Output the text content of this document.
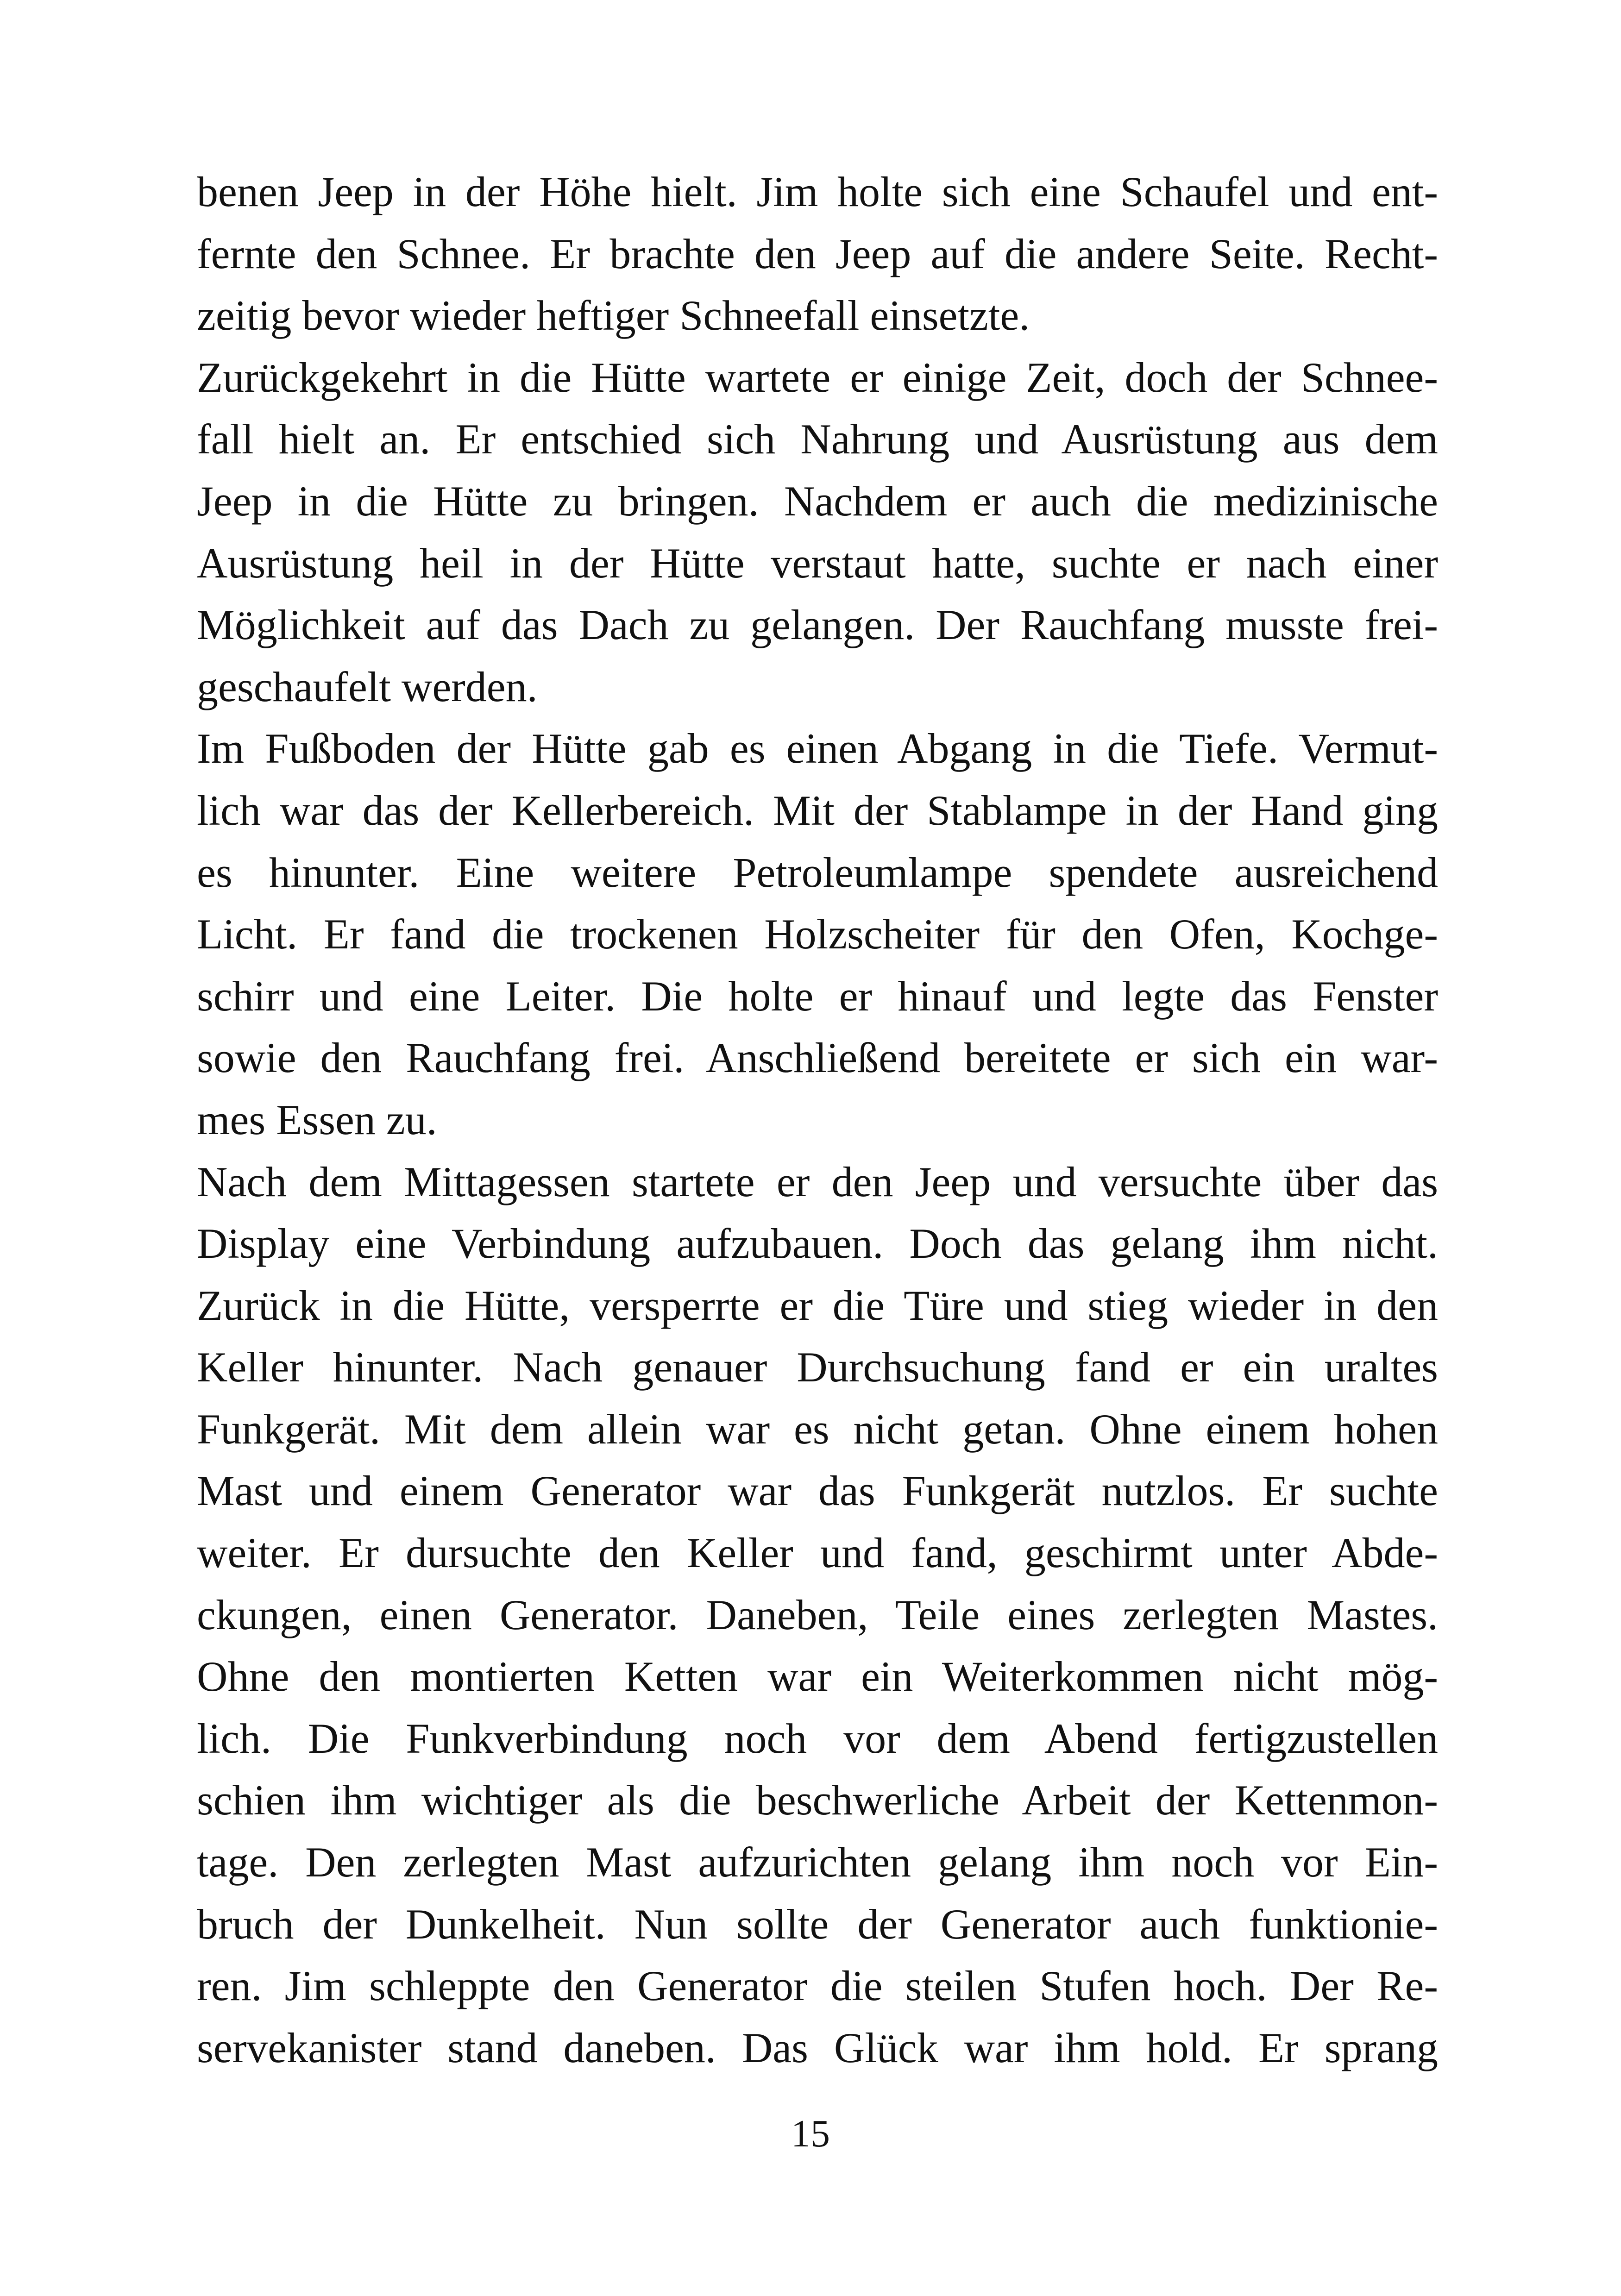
benen Jeep in der Höhe hielt. Jim holte sich eine Schaufel und ent-
fernte den Schnee. Er brachte den Jeep auf die andere Seite. Recht-
zeitig bevor wieder heftiger Schneefall einsetzte.
Zurückgekehrt in die Hütte wartete er einige Zeit, doch der Schnee-
fall hielt an. Er entschied sich Nahrung und Ausrüstung aus dem
Jeep in die Hütte zu bringen. Nachdem er auch die medizinische
Ausrüstung heil in der Hütte verstaut hatte, suchte er nach einer
Möglichkeit auf das Dach zu gelangen. Der Rauchfang musste frei-
geschaufelt werden.
Im Fußboden der Hütte gab es einen Abgang in die Tiefe. Vermut-
lich war das der Kellerbereich. Mit der Stablampe in der Hand ging
es hinunter. Eine weitere Petroleumlampe spendete ausreichend
Licht. Er fand die trockenen Holzscheiter für den Ofen, Kochge-
schirr und eine Leiter. Die holte er hinauf und legte das Fenster
sowie den Rauchfang frei. Anschließend bereitete er sich ein war-
mes Essen zu.
Nach dem Mittagessen startete er den Jeep und versuchte über das
Display eine Verbindung aufzubauen. Doch das gelang ihm nicht.
Zurück in die Hütte, versperrte er die Türe und stieg wieder in den
Keller hinunter. Nach genauer Durchsuchung fand er ein uraltes
Funkgerät. Mit dem allein war es nicht getan. Ohne einem hohen
Mast und einem Generator war das Funkgerät nutzlos. Er suchte
weiter. Er dursuchte den Keller und fand, geschirmt unter Abde-
ckungen, einen Generator. Daneben, Teile eines zerlegten Mastes.
Ohne den montierten Ketten war ein Weiterkommen nicht mög-
lich. Die Funkverbindung noch vor dem Abend fertigzustellen
schien ihm wichtiger als die beschwerliche Arbeit der Kettenmon-
tage. Den zerlegten Mast aufzurichten gelang ihm noch vor Ein-
bruch der Dunkelheit. Nun sollte der Generator auch funktionie-
ren. Jim schleppte den Generator die steilen Stufen hoch. Der Re-
servekanister stand daneben. Das Glück war ihm hold. Er sprang
15
